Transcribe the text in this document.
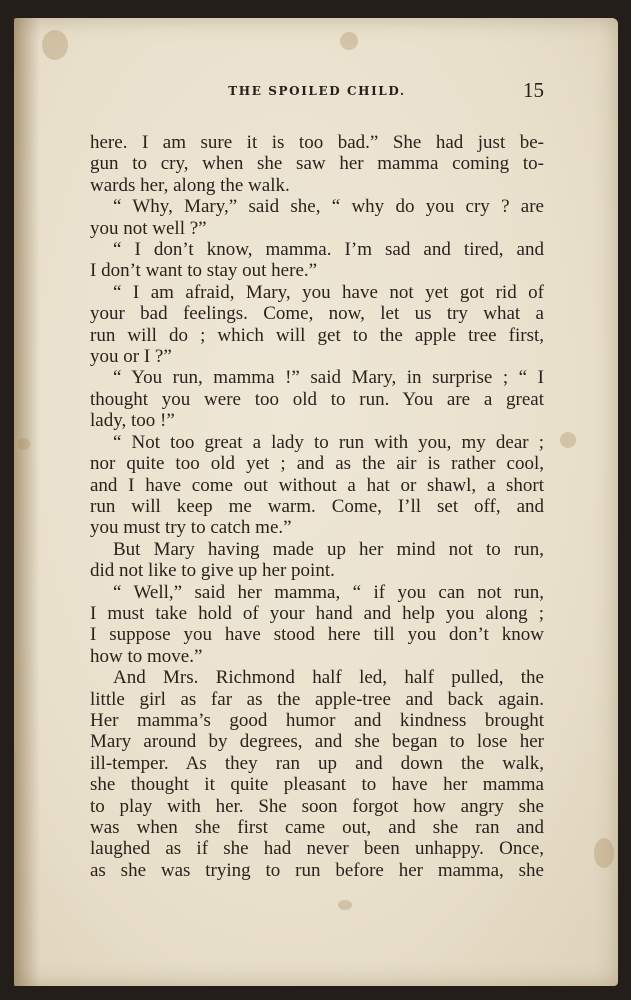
THE SPOILED CHILD.	15
here. I am sure it is too bad.” She had just be-
gun to cry, when she saw her mamma coming to-
wards her, along the walk.
“ Why, Mary,” said she, “ why do you cry ? are
you not well ?”
“ I don’t know, mamma. I’m sad and tired, and
I don’t want to stay out here.”
“ I am afraid, Mary, you have not yet got rid of
your bad feelings. Come, now, let us try what a
run will do ; which will get to the apple tree first,
you or I ?”
“ You run, mamma !” said Mary, in surprise ; “ I
thought you were too old to run. You are a great
lady, too !”
“ Not too great a lady to run with you, my dear ;
nor quite too old yet ; and as the air is rather cool,
and I have come out without a hat or shawl, a short
run will keep me warm. Come, I’ll set off, and
you must try to catch me.”
But Mary having made up her mind not to run,
did not like to give up her point.
“ Well,” said her mamma, “ if you can not run,
I must take hold of your hand and help you along ;
I suppose you have stood here till you don’t know
how to move.”
And Mrs. Richmond half led, half pulled, the
little girl as far as the apple-tree and back again.
Her mamma’s good humor and kindness brought
Mary around by degrees, and she began to lose her
ill-temper. As they ran up and down the walk,
she thought it quite pleasant to have her mamma
to play with her. She soon forgot how angry she
was when she first came out, and she ran and
laughed as if she had never been unhappy. Once,
as she was trying to run before her mamma, she
